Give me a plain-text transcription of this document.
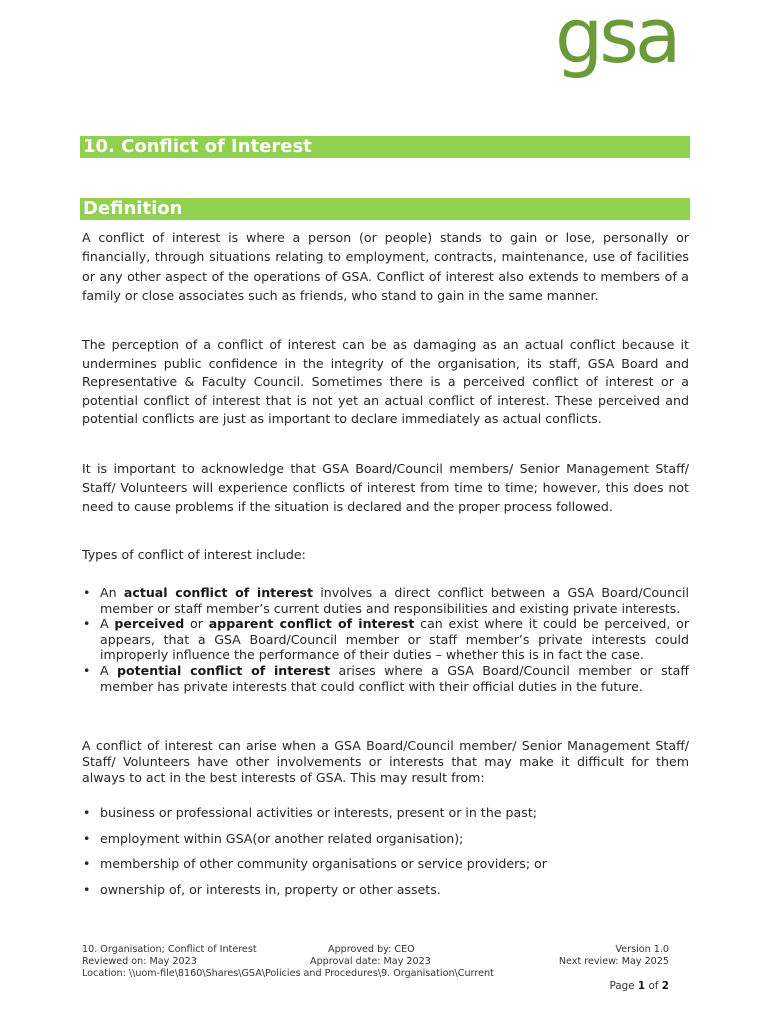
gsa
10. Conflict of Interest
Definition

A conflict of interest is where a person (or people) stands to gain or lose, personally or financially, through situations relating to employment, contracts, maintenance, use of facilities or any other aspect of the operations of GSA. Conflict of interest also extends to members of a family or close associates such as friends, who stand to gain in the same manner.

The perception of a conflict of interest can be as damaging as an actual conflict because it undermines public confidence in the integrity of the organisation, its staff, GSA Board and Representative & Faculty Council. Sometimes there is a perceived conflict of interest or a potential conflict of interest that is not yet an actual conflict of interest. These perceived and potential conflicts are just as important to declare immediately as actual conflicts.

It is important to acknowledge that GSA Board/Council members/ Senior Management Staff/ Staff/ Volunteers will experience conflicts of interest from time to time; however, this does not need to cause problems if the situation is declared and the proper process followed.

Types of conflict of interest include:

• An actual conflict of interest involves a direct conflict between a GSA Board/Council member or staff member’s current duties and responsibilities and existing private interests.
• A perceived or apparent conflict of interest can exist where it could be perceived, or appears, that a GSA Board/Council member or staff member’s private interests could improperly influence the performance of their duties – whether this is in fact the case.
• A potential conflict of interest arises where a GSA Board/Council member or staff member has private interests that could conflict with their official duties in the future.

A conflict of interest can arise when a GSA Board/Council member/ Senior Management Staff/ Staff/ Volunteers have other involvements or interests that may make it difficult for them always to act in the best interests of GSA. This may result from:

• business or professional activities or interests, present or in the past;
• employment within GSA(or another related organisation);
• membership of other community organisations or service providers; or
• ownership of, or interests in, property or other assets.
10. Organisation; Conflict of Interest	Approved by: CEO	Version 1.0
Reviewed on: May 2023	Approval date: May 2023	Next review: May 2025
Location: \\uom-file\8160\Shares\GSA\Policies and Procedures\9. Organisation\Current
Page 1 of 2
